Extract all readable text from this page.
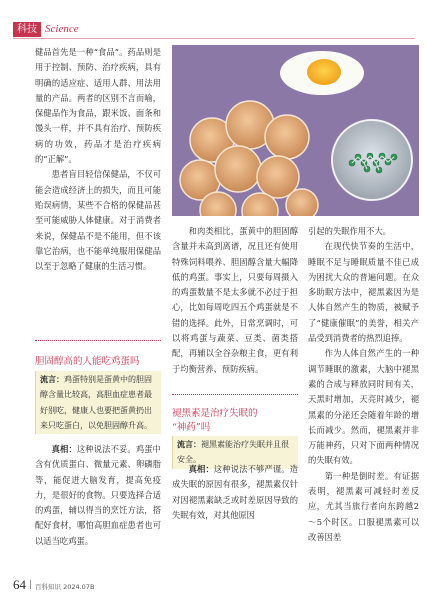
科技 Science

健品首先是一种“食品”。药品则是用于控制、预防、治疗疾病，具有明确的适应症、适用人群、用法用量的产品。两者的区别不言而喻，保健品作为食品，跟米饭、面条和馒头一样，并不具有治疗、预防疾病的功效，药品才是治疗疾病的“正解”。

患者盲目轻信保健品，不仅可能会造成经济上的损失，而且可能贻误病情，某些不合格的保健品甚至可能威胁人体健康。对于消费者来说，保健品不是不能用，但不该靠它治病，也不能单纯服用保健品以至于忽略了健康的生活习惯。

胆固醇高的人能吃鸡蛋吗
流言：鸡蛋特别是蛋黄中的胆固醇含量比较高，高胆血症患者最好别吃，健康人也要把蛋黄扔出来只吃蛋白，以免胆固醇升高。

真相：这种说法不妥。鸡蛋中含有优质蛋白、微量元素、卵磷脂等，能促进大脑发育，提高免疫力，是很好的食物。只要选择合适的鸡蛋，辅以得当的烹饪方法，搭配好食材，哪怕高胆血症患者也可以适当吃鸡蛋。

和肉类相比，蛋黄中的胆固醇含量并未高到离谱，况且还有使用特殊饲料喂养、胆固醇含量大幅降低的鸡蛋。事实上，只要每周摄入的鸡蛋数量不是太多就不必过于担心，比如每周吃四五个鸡蛋就是不错的选择。此外，日常烹调时，可以将鸡蛋与蔬菜、豆类、菌类搭配，再辅以全谷杂粮主食，更有利于均衡营养、预防疾病。

褪黑素是治疗失眠的
“神药”吗
流言：褪黑素能治疗失眠并且很安全。

真相：这种说法不够严谨。造成失眠的原因有很多，褪黑素仅针对因褪黑素缺乏或时差原因导致的失眠有效，对其他原因

引起的失眠作用不大。

在现代快节奏的生活中，睡眠不足与睡眠质量不佳已成为困扰大众的普遍问题。在众多助眠方法中，褪黑素因为是人体自然产生的物质，被赋予了“健康催眠”的美誉，相关产品受到消费者的热烈追捧。

作为人体自然产生的一种调节睡眠的激素，大脑中褪黑素的合成与释放同时间有关，天黑时增加，天亮时减少，褪黑素的分泌还会随着年龄的增长而减少。然而，褪黑素并非万能神药，只对下面两种情况的失眠有效。

第一种是倒时差。有证据表明，褪黑素可减轻时差反应，尤其当旅行者向东跨越2～5个时区。口服褪黑素可以改善因差

64 百科知识 2024.07B
